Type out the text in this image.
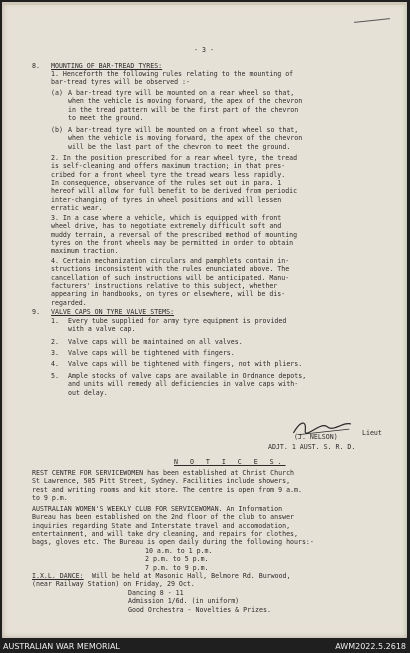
- 3 -
8. MOUNTING OF BAR-TREAD TYRES:
1. Henceforth the following rules relating to the mounting of
bar-tread tyres will be observed :-
(a) A bar-tread tyre will be mounted on a rear wheel so that,
when the vehicle is moving forward, the apex of the chevron
in the tread pattern will be the first part of the chevron
to meet the ground.
(b) A bar-tread tyre will be mounted on a front wheel so that,
when the vehicle is moving forward, the apex of the chevron
will be the last part of the chevron to meet the ground.
2. In the position prescribed for a rear wheel tyre, the tread
is self-cleaning and offers maximum traction; in that pres-
cribed for a front wheel tyre the tread wears less rapidly.
In consequence, observance of the rules set out in para. 1
hereof will allow for full benefit to be derived from periodic
inter-changing of tyres in wheel positions and will lessen
erratic wear.
3. In a case where a vehicle, which is equipped with front
wheel drive, has to negotiate extremely difficult soft and
muddy terrain, a reversal of the prescribed method of mounting
tyres on the front wheels may be permitted in order to obtain
maximum traction.
4. Certain mechanization circulars and pamphlets contain in-
structions inconsistent with the rules enunciated above. The
cancellation of such instructions will be anticipated. Manu-
facturers' instructions relative to this subject, whether
appearing in handbooks, on tyres or elsewhere, will be dis-
regarded.
9. VALVE CAPS ON TYRE VALVE STEMS:
1. Every tube supplied for army tyre equipment is provided
with a valve cap.
2. Valve caps will be maintained on all valves.
3. Valve caps will be tightened with fingers.
4. Valve caps will be tightened with fingers, not with pliers.
5. Ample stocks of valve caps are available in Ordnance depots,
and units will remedy all deficiencies in valve caps with-
out delay.
(J. NELSON)	Lieut
ADJT. 1 AUST. S. R. D.
N O T I C E S.
REST CENTRE FOR SERVICEWOMEN has been established at Christ Church
St Lawrence, 505 Pitt Street, Sydney. Facilities include showers,
rest and writing rooms and kit store. The centre is open from 9 a.m.
to 9 p.m.
AUSTRALIAN WOMEN'S WEEKLY CLUB FOR SERVICEWOMAN. An Information
Bureau has been established on the 2nd floor of the club to answer
inquiries regarding State and Interstate travel and accomodation,
entertainment, and will take dry cleaning, and repairs for clothes,
bags, gloves etc. The Bureau is open daily during the following hours:-
10 a.m. to 1 p.m.
2 p.m. to 5 p.m.
7 p.m. to 9 p.m.
I.X.L. DANCE: Will be held at Masonic Hall, Belmore Rd. Burwood,
(near Railway Station) on Friday, 29 Oct.
Dancing 8 - 11
Admission 1/6d. (in uniform)
Good Orchestra - Novelties & Prizes.
AUSTRALIAN WAR MEMORIAL	AWM2022.5.2618
